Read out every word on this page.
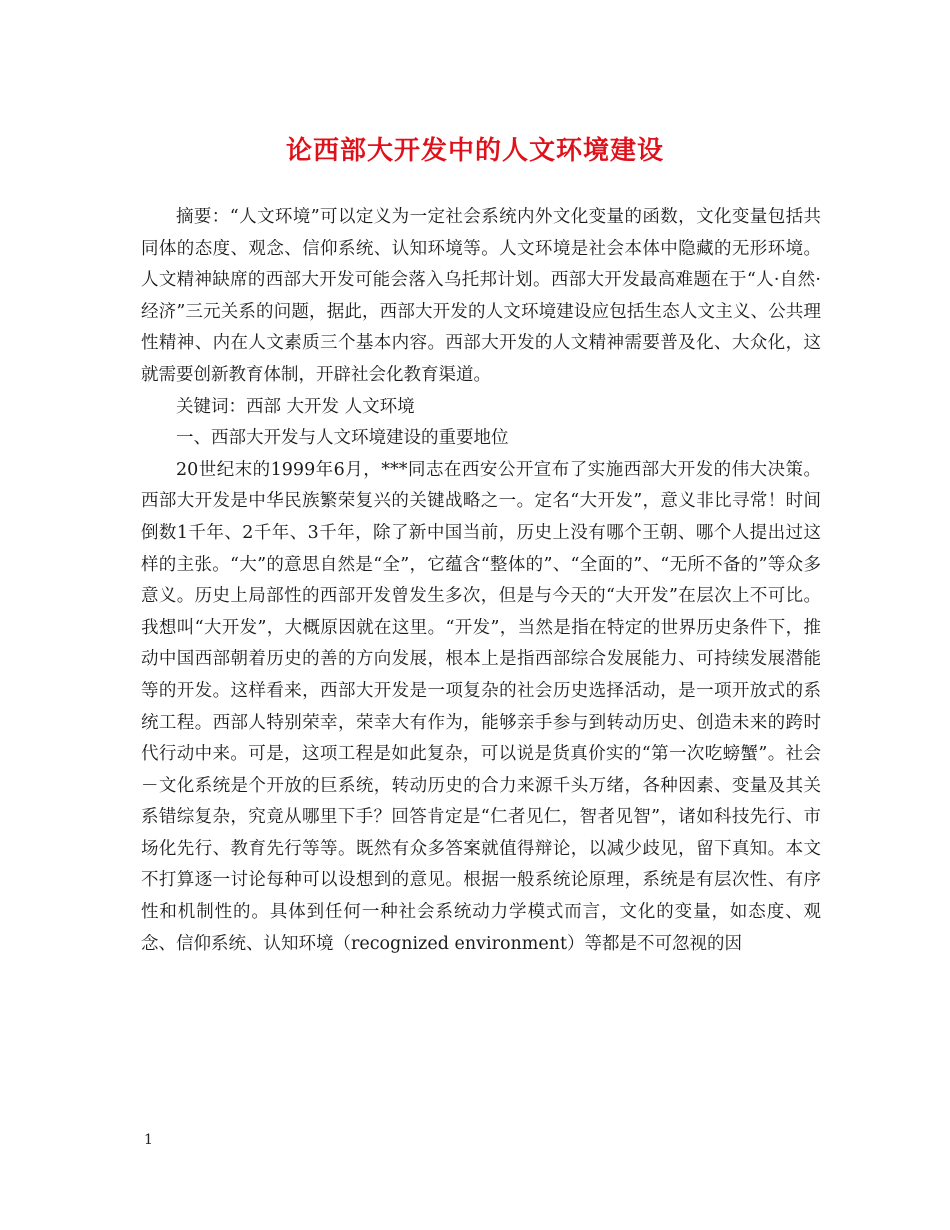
论西部大开发中的人文环境建设

摘要：“人文环境”可以定义为一定社会系统内外文化变量的函数，文化变量包括共同体的态度、观念、信仰系统、认知环境等。人文环境是社会本体中隐藏的无形环境。人文精神缺席的西部大开发可能会落入乌托邦计划。西部大开发最高难题在于“人·自然·经济”三元关系的问题，据此，西部大开发的人文环境建设应包括生态人文主义、公共理性精神、内在人文素质三个基本内容。西部大开发的人文精神需要普及化、大众化，这就需要创新教育体制，开辟社会化教育渠道。

关键词：西部 大开发 人文环境

一、西部大开发与人文环境建设的重要地位

20世纪末的1999年6月，***同志在西安公开宣布了实施西部大开发的伟大决策。西部大开发是中华民族繁荣复兴的关键战略之一。定名“大开发”，意义非比寻常！时间倒数1千年、2千年、3千年，除了新中国当前，历史上没有哪个王朝、哪个人提出过这样的主张。“大”的意思自然是“全”，它蕴含“整体的”、“全面的”、“无所不备的”等众多意义。历史上局部性的西部开发曾发生多次，但是与今天的“大开发”在层次上不可比。我想叫“大开发”，大概原因就在这里。“开发”，当然是指在特定的世界历史条件下，推动中国西部朝着历史的善的方向发展，根本上是指西部综合发展能力、可持续发展潜能等的开发。这样看来，西部大开发是一项复杂的社会历史选择活动，是一项开放式的系统工程。西部人特别荣幸，荣幸大有作为，能够亲手参与到转动历史、创造未来的跨时代行动中来。可是，这项工程是如此复杂，可以说是货真价实的“第一次吃螃蟹”。社会－文化系统是个开放的巨系统，转动历史的合力来源千头万绪，各种因素、变量及其关系错综复杂，究竟从哪里下手？回答肯定是“仁者见仁，智者见智”，诸如科技先行、市场化先行、教育先行等等。既然有众多答案就值得辩论，以减少歧见，留下真知。本文不打算逐一讨论每种可以设想到的意见。根据一般系统论原理，系统是有层次性、有序性和机制性的。具体到任何一种社会系统动力学模式而言，文化的变量，如态度、观念、信仰系统、认知环境（recognized environment）等都是不可忽视的因

1
